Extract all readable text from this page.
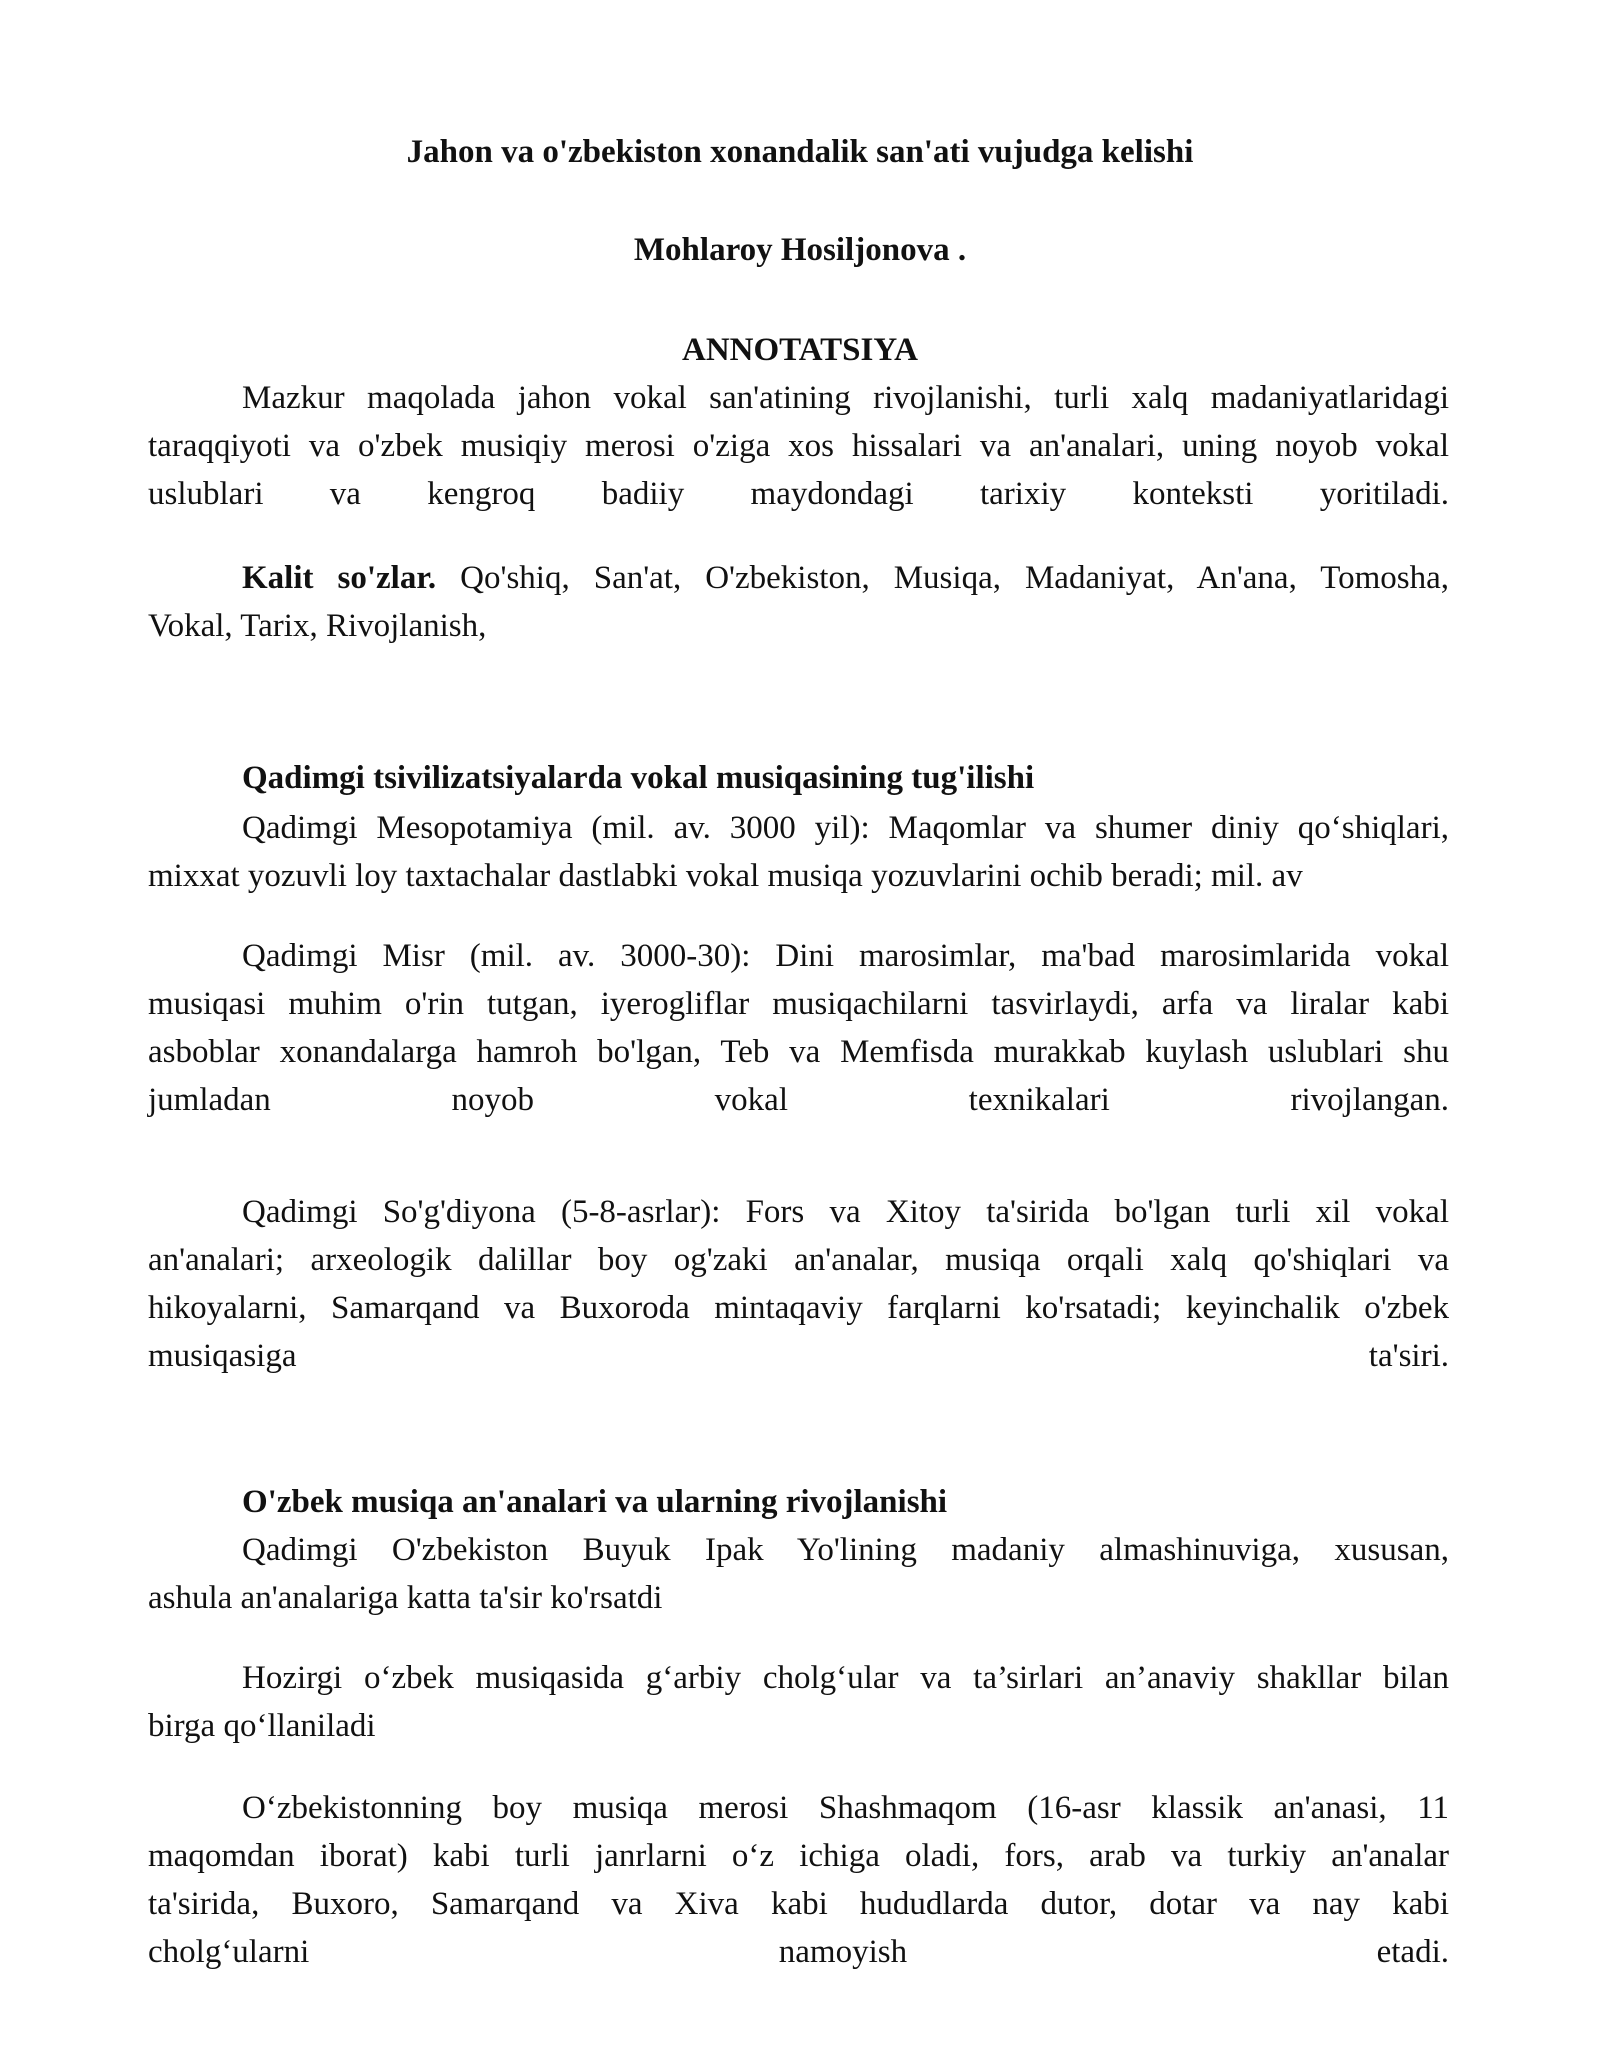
Jahon va o'zbekiston xonandalik san'ati vujudga kelishi
Mohlaroy Hosiljonova .
ANNOTATSIYA
Mazkur maqolada jahon vokal san'atining rivojlanishi, turli xalq madaniyatlaridagi
taraqqiyoti va o'zbek musiqiy merosi o'ziga xos hissalari va an'analari, uning noyob vokal
uslublari va kengroq badiiy maydondagi tarixiy konteksti yoritiladi.
Kalit so'zlar. Qo'shiq, San'at, O'zbekiston, Musiqa, Madaniyat, An'ana, Tomosha,
Vokal, Tarix, Rivojlanish,
Qadimgi tsivilizatsiyalarda vokal musiqasining tug'ilishi
Qadimgi Mesopotamiya (mil. av. 3000 yil): Maqomlar va shumer diniy qo‘shiqlari,
mixxat yozuvli loy taxtachalar dastlabki vokal musiqa yozuvlarini ochib beradi; mil. av
Qadimgi Misr (mil. av. 3000-30): Dini marosimlar, ma'bad marosimlarida vokal
musiqasi muhim o'rin tutgan, iyerogliflar musiqachilarni tasvirlaydi, arfa va liralar kabi
asboblar xonandalarga hamroh bo'lgan, Teb va Memfisda murakkab kuylash uslublari shu
jumladan noyob vokal texnikalari rivojlangan.
Qadimgi So'g'diyona (5-8-asrlar): Fors va Xitoy ta'sirida bo'lgan turli xil vokal
an'analari; arxeologik dalillar boy og'zaki an'analar, musiqa orqali xalq qo'shiqlari va
hikoyalarni, Samarqand va Buxoroda mintaqaviy farqlarni ko'rsatadi; keyinchalik o'zbek
musiqasiga ta'siri.
O'zbek musiqa an'analari va ularning rivojlanishi
Qadimgi O'zbekiston Buyuk Ipak Yo'lining madaniy almashinuviga, xususan,
ashula an'analariga katta ta'sir ko'rsatdi
Hozirgi o‘zbek musiqasida g‘arbiy cholg‘ular va ta’sirlari an’anaviy shakllar bilan
birga qo‘llaniladi
O‘zbekistonning boy musiqa merosi Shashmaqom (16-asr klassik an'anasi, 11
maqomdan iborat) kabi turli janrlarni o‘z ichiga oladi, fors, arab va turkiy an'analar
ta'sirida, Buxoro, Samarqand va Xiva kabi hududlarda dutor, dotar va nay kabi
cholg‘ularni namoyish etadi.
